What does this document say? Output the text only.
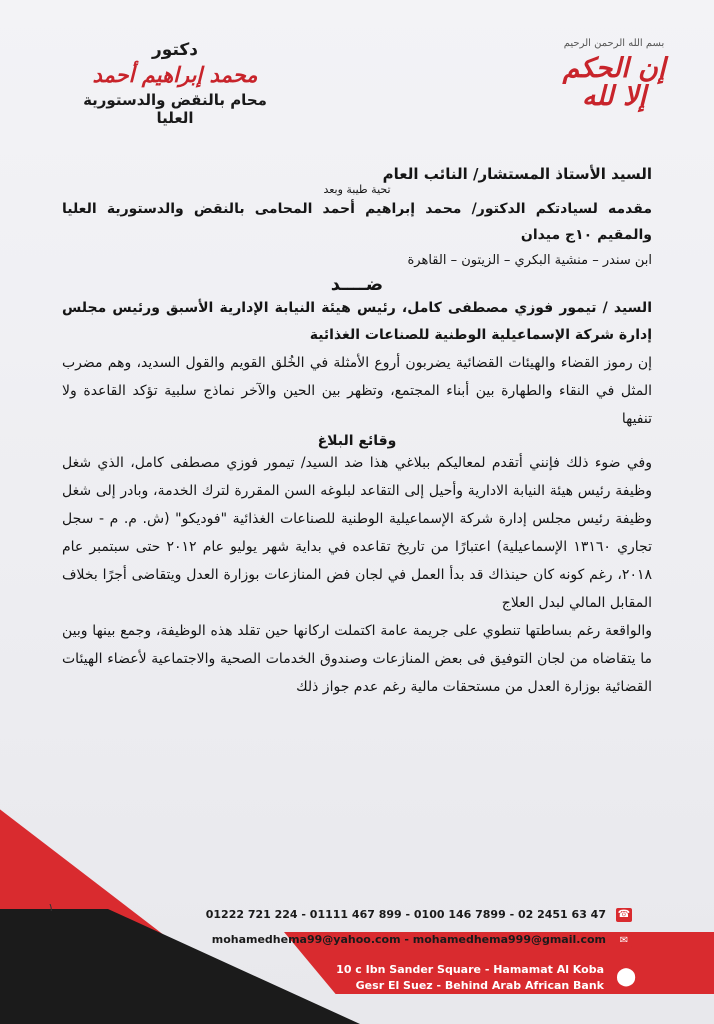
دكتور
محمد إبراهيم أحمد
محام بالنقض والدستورية العليا
بسم الله الرحمن الرحيم
إن الحكم إلا لله

السيد الأستاذ المستشار/ النائب العام

تحية طيبة وبعد

مقدمه لسيادتكم الدكتور/ محمد إبراهيم أحمد المحامى بالنقض والدستورية العليا والمقيم ١٠ج ميدان

ابن سندر – منشية البكري – الزيتون – القاهرة

ضــــد

السيد / تيمور فوزي مصطفى كامل، رئيس هيئة النيابة الإدارية الأسبق ورئيس مجلس إدارة شركة الإسماعيلية الوطنية للصناعات الغذائية

إن رموز القضاء والهيئات القضائية يضربون أروع الأمثلة في الخُلق القويم والقول السديد، وهم مضرب المثل في النقاء والطهارة بين أبناء المجتمع، وتظهر بين الحين والآخر نماذج سلبية تؤكد القاعدة ولا تنفيها

وقائع البلاغ

وفي ضوء ذلك فإنني أتقدم لمعاليكم ببلاغي هذا ضد السيد/ تيمور فوزي مصطفى كامل، الذي شغل وظيفة رئيس هيئة النيابة الادارية وأحيل إلى التقاعد لبلوغه السن المقررة لترك الخدمة، وبادر إلى شغل وظيفة رئيس مجلس إدارة شركة الإسماعيلية الوطنية للصناعات الغذائية "فوديكو" (ش. م. م - سجل تجاري ١٣١٦٠ الإسماعيلية) اعتبارًا من تاريخ تقاعده في بداية شهر يوليو عام ٢٠١٢ حتى سبتمبر عام ٢٠١٨، رغم كونه كان حينذاك قد بدأ العمل في لجان فض المنازعات بوزارة العدل ويتقاضى أجرًا بخلاف المقابل المالي لبدل العلاج

والواقعة رغم بساطتها تنطوي على جريمة عامة اكتملت اركانها حين تقلد هذه الوظيفة، وجمع بينها وبين ما يتقاضاه من لجان التوفيق فى بعض المنازعات وصندوق الخدمات الصحية والاجتماعية لأعضاء الهيئات القضائية بوزارة العدل من مستحقات مالية رغم عدم جواز ذلك

١
01222 721 224 - 01111 467 899 - 0100 146 7899 - 02 2451 63 47 ☎
mohamedhema99@yahoo.com - mohamedhema999@gmail.com	✉
10 c Ibn Sander Square - Hamamat Al Koba
Gesr El Suez - Behind Arab African Bank ⬤
